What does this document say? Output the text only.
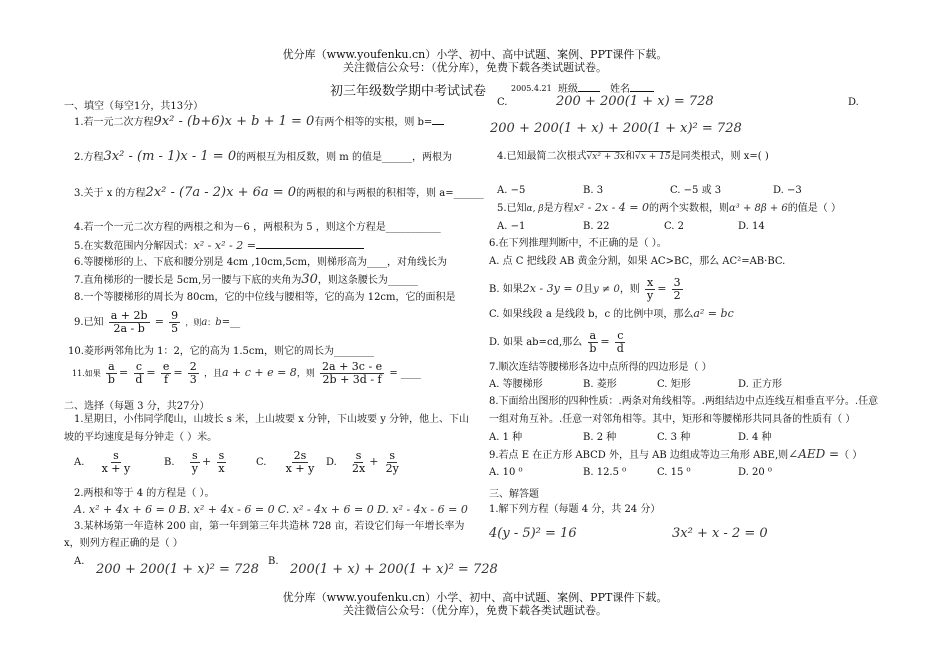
优分库（www.youfenku.cn）小学、初中、高中试题、案例、PPT课件下载。
关注微信公众号：（优分库），免费下载各类试题试卷。
优分库（www.youfenku.cn）小学、初中、高中试题、案例、PPT课件下载。
关注微信公众号：（优分库），免费下载各类试题试卷。
初三年级数学期中考试试卷	2005.4.21 班级	姓名
一、填空（每空1分，共13分）
1.若一元二次方程9x² - (b+6)x + b + 1 = 0有两个相等的实根，则 b=
2.方程3x² - (m - 1)x - 1 = 0的两根互为相反数，则 m 的值是______，两根为
3.关于 x 的方程2x² - (7a - 2)x + 6a = 0的两根的和与两根的积相等，则 a=______
4.若一个一元二次方程的两根之和为－6 ，两根积为 5 ，则这个方程是___________
5.在实数范围内分解因式：x² - x² - 2 =
6.等腰梯形的上、下底和腰分别是 4cm ,10cm,5cm，则梯形高为____，对角线长为
7.直角梯形的一腰长是 5cm,另一腰与下底的夹角为30，则这条腰长为______
8.一个等腰梯形的周长为 80cm，它的中位线与腰相等，它的高为 12cm，它的面积是
9.已知 $\frac{a + 2b}{2a - b} = \frac{9}{5}$ ，则a：b=__
10.菱形两邻角比为 1：2，它的高为 1.5cm，则它的周长为________
11.如果 $\frac{a}{b} = \frac{c}{d} = \frac{e}{f} = \frac{2}{3}$ ，且a + c + e = 8，则 $\frac{2a + 3c - e}{2b + 3d - f}$ = ____
二、选择（每题 3 分，共27分）
1.星期日，小伟同学爬山，山坡长 s 米，上山坡要 x 分钟，下山坡要 y 分钟，他上、下山
坡的平均速度是每分钟走（ ）米。
A. $\frac{s}{x + y}$	B. $\frac{s}{y} + \frac{s}{x}$	C. $\frac{2s}{x + y} D$. $\frac{s}{2x} + \frac{s}{2y}$
2.两根和等于 4 的方程是（ ）。
A. x² + 4x + 6 = 0 B. x² + 4x - 6 = 0 C. x² - 4x + 6 = 0 D. x² - 4x - 6 = 0
3.某林场第一年造林 200 亩，第一年到第三年共造林 728 亩，若设它们每一年增长率为
x，则列方程正确的是（ ）
A.
200 + 200(1 + x)² = 728
B.
200(1 + x) + 200(1 + x)² = 728
C.	200 + 200(1 + x) = 728	D.
200 + 200(1 + x) + 200(1 + x)² = 728
4.已知最简二次根式√x² + 3x和√x + 15是同类根式，则 x=( )
A. −5	B. 3	C. −5 或 3	D. −3
5.已知α, β是方程x² - 2x - 4 = 0的两个实数根，则α³ + 8β + 6的值是（ ）
A. −1	B. 22	C. 2	D. 14
6.在下列推理判断中，不正确的是（ ）。
A. 点 C 把线段 AB 黄金分割，如果 AC>BC，那么 AC²=AB·BC.
B. 如果2x - 3y = 0且y ≠ 0，则 $\frac{x}{y} = \frac{3}{2}$
C. 如果线段 a 是线段 b，c 的比例中项，那么a² = bc
D. 如果 ab=cd,那么 $\frac{a}{b} = \frac{c}{d}$
7.顺次连结等腰梯形各边中点所得的四边形是（ ）
A. 等腰梯形	B. 菱形	C. 矩形	D. 正方形
8.下面给出图形的四种性质：.两条对角线相等。.两组结边中点连线互相垂直平分。.任意
一组对角互补。.任意一对邻角相等。其中，矩形和等腰梯形共同具备的性质有（ ）
A. 1 种	B. 2 种	C. 3 种	D. 4 种
9.若点 E 在正方形 ABCD 外，且与 AB 边组成等边三角形 ABE,则∠AED =（ ）
A. 10 ⁰	B. 12.5 ⁰	C. 15 ⁰	D. 20 ⁰
三、解答题
1.解下列方程（每题 4 分，共 24 分）
4(y - 5)² = 16	3x² + x - 2 = 0
